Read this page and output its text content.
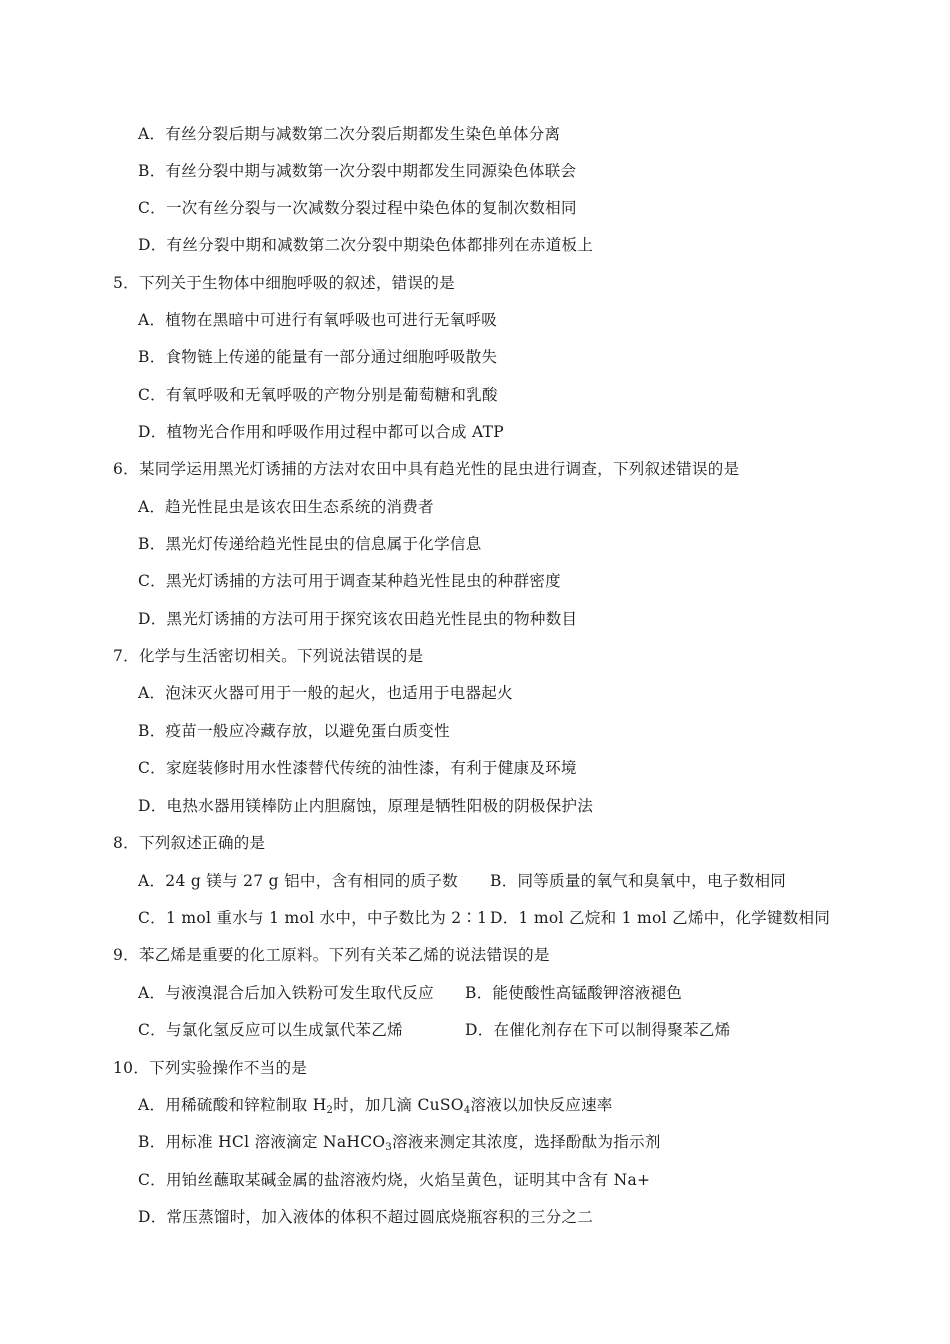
A．有丝分裂后期与减数第二次分裂后期都发生染色单体分离
B．有丝分裂中期与减数第一次分裂中期都发生同源染色体联会
C．一次有丝分裂与一次减数分裂过程中染色体的复制次数相同
D．有丝分裂中期和减数第二次分裂中期染色体都排列在赤道板上
5．下列关于生物体中细胞呼吸的叙述，错误的是
A．植物在黑暗中可进行有氧呼吸也可进行无氧呼吸
B．食物链上传递的能量有一部分通过细胞呼吸散失
C．有氧呼吸和无氧呼吸的产物分别是葡萄糖和乳酸
D．植物光合作用和呼吸作用过程中都可以合成 ATP
6．某同学运用黑光灯诱捕的方法对农田中具有趋光性的昆虫进行调查，下列叙述错误的是
A．趋光性昆虫是该农田生态系统的消费者
B．黑光灯传递给趋光性昆虫的信息属于化学信息
C．黑光灯诱捕的方法可用于调查某种趋光性昆虫的种群密度
D．黑光灯诱捕的方法可用于探究该农田趋光性昆虫的物种数目
7．化学与生活密切相关。下列说法错误的是
A．泡沫灭火器可用于一般的起火，也适用于电器起火
B．疫苗一般应冷藏存放，以避免蛋白质变性
C．家庭装修时用水性漆替代传统的油性漆，有利于健康及环境
D．电热水器用镁棒防止内胆腐蚀，原理是牺牲阳极的阴极保护法
8．下列叙述正确的是
A．24 g 镁与 27 g 铝中，含有相同的质子数 B．同等质量的氧气和臭氧中，电子数相同
C．1 mol 重水与 1 mol 水中，中子数比为 2∶1 D．1 mol 乙烷和 1 mol 乙烯中，化学键数相同
9．苯乙烯是重要的化工原料。下列有关苯乙烯的说法错误的是
A．与液溴混合后加入铁粉可发生取代反应 B．能使酸性高锰酸钾溶液褪色
C．与氯化氢反应可以生成氯代苯乙烯	D．在催化剂存在下可以制得聚苯乙烯
10．下列实验操作不当的是
A．用稀硫酸和锌粒制取 $H_2$时，加几滴 CuSO$_4$溶液以加快反应速率
B．用标准 HCl 溶液滴定 NaHCO$_3$溶液来测定其浓度，选择酚酞为指示剂
C．用铂丝蘸取某碱金属的盐溶液灼烧，火焰呈黄色，证明其中含有 Na+
D．常压蒸馏时，加入液体的体积不超过圆底烧瓶容积的三分之二
